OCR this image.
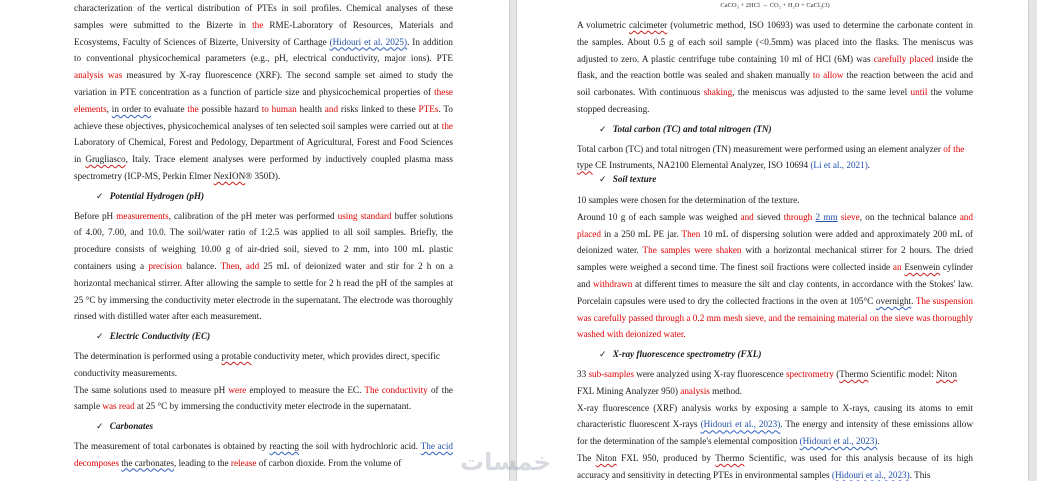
characterization of the vertical distribution of PTEs in soil profiles. Chemical analyses of these samples were submitted to the Bizerte in the RME-Laboratory of Resources, Materials and Ecosystems, Faculty of Sciences of Bizerte, University of Carthage (Hidouri et al. 2025). In addition to conventional physicochemical parameters (e.g., pH, electrical conductivity, major ions). PTE analysis was measured by X-ray fluorescence (XRF). The second sample set aimed to study the variation in PTE concentration as a function of particle size and physicochemical properties of these elements, in order to evaluate the possible hazard to human health and risks linked to these PTEs. To achieve these objectives, physicochemical analyses of ten selected soil samples were carried out at the Laboratory of Chemical, Forest and Pedology, Department of Agricultural, Forest and Food Sciences in Grugliasco, Italy. Trace element analyses were performed by inductively coupled plasma mass spectrometry (ICP-MS, Perkin Elmer NexION® 350D).

✓ Potential Hydrogen (pH)

Before pH measurements, calibration of the pH meter was performed using standard buffer solutions of 4.00, 7.00, and 10.0. The soil/water ratio of 1:2.5 was applied to all soil samples. Briefly, the procedure consists of weighing 10.00 g of air-dried soil, sieved to 2 mm, into 100 mL plastic containers using a precision balance. Then, add 25 mL of deionized water and stir for 2 h on a horizontal mechanical stirrer. After allowing the sample to settle for 2 h read the pH of the samples at 25 °C by immersing the conductivity meter electrode in the supernatant. The electrode was thoroughly rinsed with distilled water after each measurement.

✓ Electric Conductivity (EC)

The determination is performed using a protable conductivity meter, which provides direct, specific conductivity measurements.

The same solutions used to measure pH were employed to measure the EC. The conductivity of the sample was read at 25 °C by immersing the conductivity meter electrode in the supernatant.

✓ Carbonates

The measurement of total carbonates is obtained by reacting the soil with hydrochloric acid. The acid decomposes the carbonates, leading to the release of carbon dioxide. From the volume of

CaCO₃ + 2HCl → CO₂ + H₂O + CaCl₂(3)

A volumetric calcimeter (volumetric method, ISO 10693) was used to determine the carbonate content in the samples. About 0.5 g of each soil sample (<0.5mm) was placed into the flasks. The meniscus was adjusted to zero. A plastic centrifuge tube containing 10 ml of HCl (6M) was carefully placed inside the flask, and the reaction bottle was sealed and shaken manually to allow the reaction between the acid and soil carbonates. With continuous shaking, the meniscus was adjusted to the same level until the volume stopped decreasing.

✓ Total carbon (TC) and total nitrogen (TN)

Total carbon (TC) and total nitrogen (TN) measurement were performed using an element analyzer of the type CE Instruments, NA2100 Elemental Analyzer, ISO 10694 (Li et al., 2021).

✓ Soil texture

10 samples were chosen for the determination of the texture.

Around 10 g of each sample was weighed and sieved through 2 mm sieve, on the technical balance and placed in a 250 mL PE jar. Then 10 mL of dispersing solution were added and approximately 200 mL of deionized water. The samples were shaken with a horizontal mechanical stirrer for 2 hours. The dried samples were weighed a second time. The finest soil fractions were collected inside an Esenwein cylinder and withdrawn at different times to measure the silt and clay contents, in accordance with the Stokes' law. Porcelain capsules were used to dry the collected fractions in the oven at 105°C overnight. The suspension was carefully passed through a 0.2 mm mesh sieve, and the remaining material on the sieve was thoroughly washed with deionized water.

✓ X-ray fluorescence spectrometry (FXL)

33 sub-samples were analyzed using X-ray fluorescence spectrometry (Thermo Scientific model: Niton FXL Mining Analyzer 950) analysis method.

X-ray fluorescence (XRF) analysis works by exposing a sample to X-rays, causing its atoms to emit characteristic fluorescent X-rays (Hidouri et al., 2023). The energy and intensity of these emissions allow for the determination of the sample's elemental composition (Hidouri et al., 2023).

The Niton FXL 950, produced by Thermo Scientific, was used for this analysis because of its high accuracy and sensitivity in detecting PTEs in environmental samples (Hidouri et al., 2023). This

خمسات
